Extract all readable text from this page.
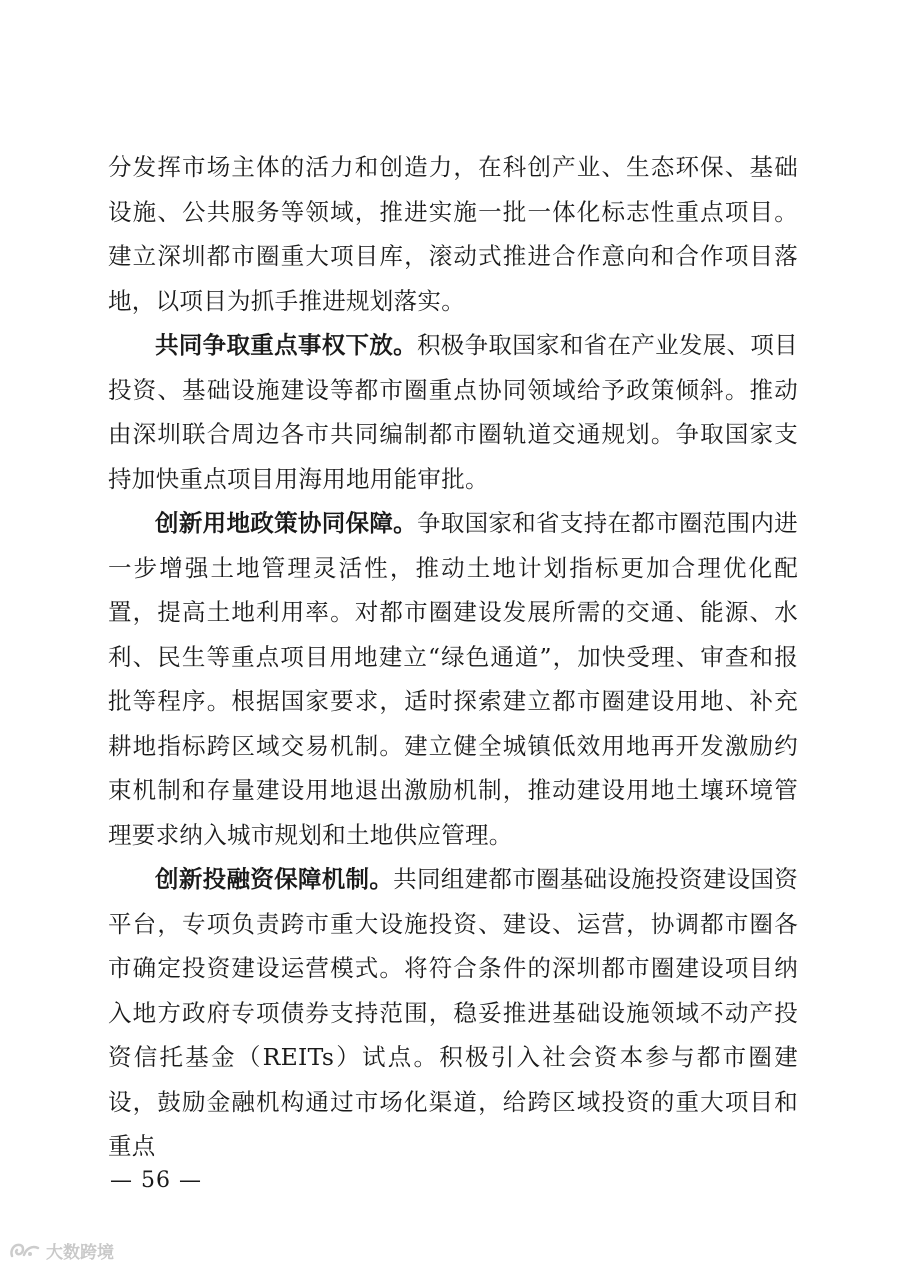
分发挥市场主体的活力和创造力，在科创产业、生态环保、基础设施、公共服务等领域，推进实施一批一体化标志性重点项目。建立深圳都市圈重大项目库，滚动式推进合作意向和合作项目落地，以项目为抓手推进规划落实。

共同争取重点事权下放。积极争取国家和省在产业发展、项目投资、基础设施建设等都市圈重点协同领域给予政策倾斜。推动由深圳联合周边各市共同编制都市圈轨道交通规划。争取国家支持加快重点项目用海用地用能审批。

创新用地政策协同保障。争取国家和省支持在都市圈范围内进一步增强土地管理灵活性，推动土地计划指标更加合理优化配置，提高土地利用率。对都市圈建设发展所需的交通、能源、水利、民生等重点项目用地建立“绿色通道”，加快受理、审查和报批等程序。根据国家要求，适时探索建立都市圈建设用地、补充耕地指标跨区域交易机制。建立健全城镇低效用地再开发激励约束机制和存量建设用地退出激励机制，推动建设用地土壤环境管理要求纳入城市规划和土地供应管理。

创新投融资保障机制。共同组建都市圈基础设施投资建设国资平台，专项负责跨市重大设施投资、建设、运营，协调都市圈各市确定投资建设运营模式。将符合条件的深圳都市圈建设项目纳入地方政府专项债券支持范围，稳妥推进基础设施领域不动产投资信托基金（REITs）试点。积极引入社会资本参与都市圈建设，鼓励金融机构通过市场化渠道，给跨区域投资的重大项目和重点

— 56 —
大数跨境
